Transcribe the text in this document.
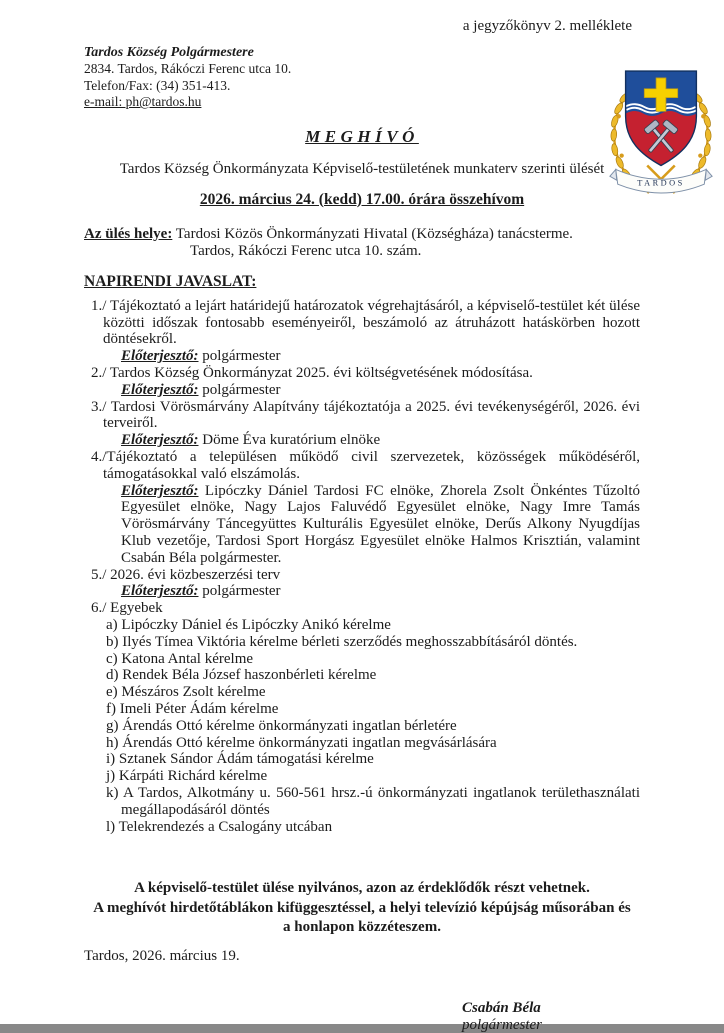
a jegyzőkönyv 2. melléklete
Tardos Község Polgármestere
2834. Tardos, Rákóczi Ferenc utca 10.
Telefon/Fax: (34) 351-413.
e-mail: ph@tardos.hu
TARDOS
MEGHÍVÓ
Tardos Község Önkormányzata Képviselő-testületének munkaterv szerinti ülését
2026. március 24. (kedd) 17.00. órára összehívom
Az ülés helye: Tardosi Közös Önkormányzati Hivatal (Községháza) tanácsterme.
Tardos, Rákóczi Ferenc utca 10. szám.
NAPIRENDI JAVASLAT:
1./ Tájékoztató a lejárt határidejű határozatok végrehajtásáról, a képviselő-testület két ülése közötti időszak fontosabb eseményeiről, beszámoló az átruházott hatáskörben hozott döntésekről.
Előterjesztő: polgármester
2./ Tardos Község Önkormányzat 2025. évi költségvetésének módosítása.
Előterjesztő: polgármester
3./ Tardosi Vörösmárvány Alapítvány tájékoztatója a 2025. évi tevékenységéről, 2026. évi terveiről.
Előterjesztő: Döme Éva kuratórium elnöke
4./Tájékoztató a településen működő civil szervezetek, közösségek működéséről, támogatásokkal való elszámolás.
Előterjesztő: Lipóczky Dániel Tardosi FC elnöke, Zhorela Zsolt Önkéntes Tűzoltó Egyesület elnöke, Nagy Lajos Faluvédő Egyesület elnöke, Nagy Imre Tamás Vörösmárvány Táncegyüttes Kulturális Egyesület elnöke, Derűs Alkony Nyugdíjas Klub vezetője, Tardosi Sport Horgász Egyesület elnöke Halmos Krisztián, valamint Csabán Béla polgármester.
5./ 2026. évi közbeszerzési terv
Előterjesztő: polgármester
6./ Egyebek
a) Lipóczky Dániel és Lipóczky Anikó kérelme
b) Ilyés Tímea Viktória kérelme bérleti szerződés meghosszabbításáról döntés.
c) Katona Antal kérelme
d) Rendek Béla József haszonbérleti kérelme
e) Mészáros Zsolt kérelme
f) Imeli Péter Ádám kérelme
g) Árendás Ottó kérelme önkormányzati ingatlan bérletére
h) Árendás Ottó kérelme önkormányzati ingatlan megvásárlására
i) Sztanek Sándor Ádám támogatási kérelme
j) Kárpáti Richárd kérelme
k) A Tardos, Alkotmány u. 560-561 hrsz.-ú önkormányzati ingatlanok területhasználati megállapodásáról döntés
l) Telekrendezés a Csalogány utcában
A képviselő-testület ülése nyilvános, azon az érdeklődők részt vehetnek.
A meghívót hirdetőtáblákon kifüggesztéssel, a helyi televízió képújság műsorában és a honlapon közzéteszem.
Tardos, 2026. március 19.
Csabán Béla
polgármester
